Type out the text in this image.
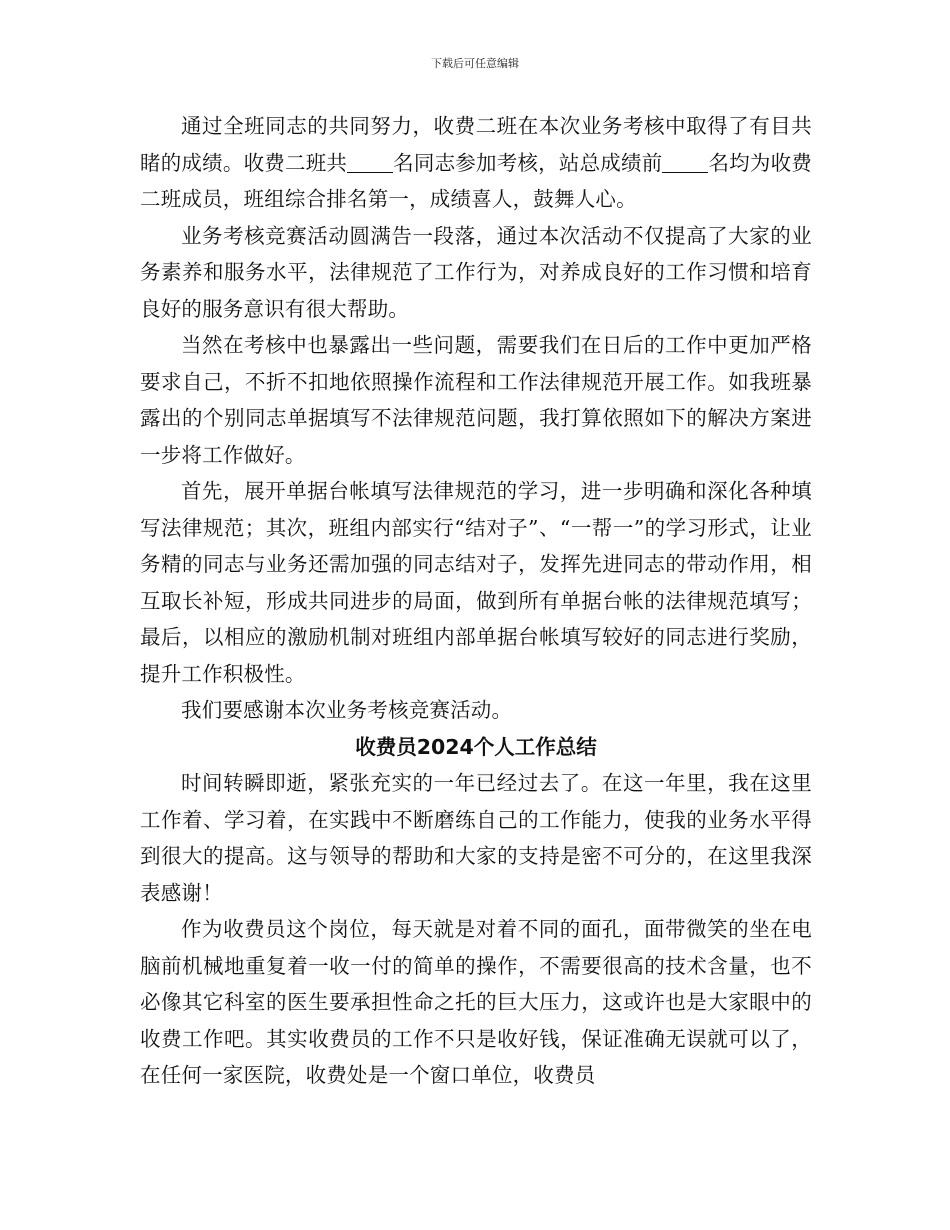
下载后可任意编辑

通过全班同志的共同努力，收费二班在本次业务考核中取得了有目共睹的成绩。收费二班共 名同志参加考核，站总成绩前 名均为收费二班成员，班组综合排名第一，成绩喜人，鼓舞人心。

业务考核竞赛活动圆满告一段落，通过本次活动不仅提高了大家的业务素养和服务水平，法律规范了工作行为，对养成良好的工作习惯和培育良好的服务意识有很大帮助。

当然在考核中也暴露出一些问题，需要我们在日后的工作中更加严格要求自己，不折不扣地依照操作流程和工作法律规范开展工作。如我班暴露出的个别同志单据填写不法律规范问题，我打算依照如下的解决方案进一步将工作做好。

首先，展开单据台帐填写法律规范的学习，进一步明确和深化各种填写法律规范；其次，班组内部实行“结对子”、“一帮一”的学习形式，让业务精的同志与业务还需加强的同志结对子，发挥先进同志的带动作用，相互取长补短，形成共同进步的局面，做到所有单据台帐的法律规范填写；最后，以相应的激励机制对班组内部单据台帐填写较好的同志进行奖励，提升工作积极性。

我们要感谢本次业务考核竞赛活动。

收费员2024个人工作总结

时间转瞬即逝，紧张充实的一年已经过去了。在这一年里，我在这里工作着、学习着，在实践中不断磨练自己的工作能力，使我的业务水平得到很大的提高。这与领导的帮助和大家的支持是密不可分的，在这里我深表感谢！

作为收费员这个岗位，每天就是对着不同的面孔，面带微笑的坐在电脑前机械地重复着一收一付的简单的操作，不需要很高的技术含量，也不必像其它科室的医生要承担性命之托的巨大压力，这或许也是大家眼中的收费工作吧。其实收费员的工作不只是收好钱，保证准确无误就可以了，在任何一家医院，收费处是一个窗口单位，收费员
